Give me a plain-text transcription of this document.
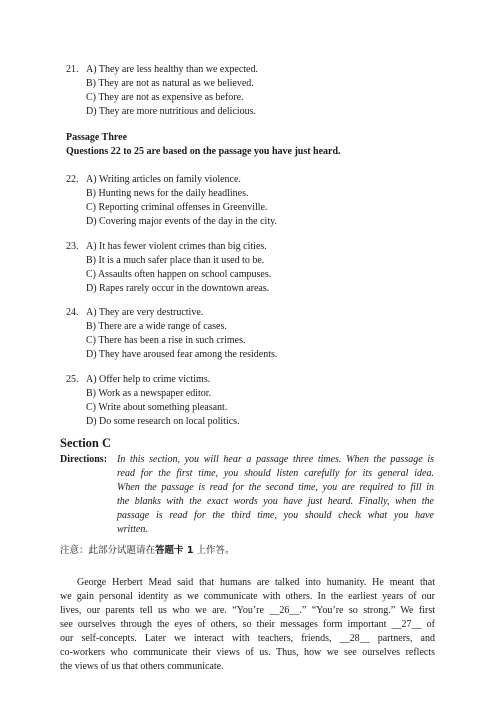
21. A) They are less healthy than we expected.
B) They are not as natural as we believed.
C) They are not as expensive as before.
D) They are more nutritious and delicious.
Passage Three
Questions 22 to 25 are based on the passage you have just heard.
22. A) Writing articles on family violence.
B) Hunting news for the daily headlines.
C) Reporting criminal offenses in Greenville.
D) Covering major events of the day in the city.
23. A) It has fewer violent crimes than big cities.
B) It is a much safer place than it used to be.
C) Assaults often happen on school campuses.
D) Rapes rarely occur in the downtown areas.
24. A) They are very destructive.
B) There are a wide range of cases.
C) There has been a rise in such crimes.
D) They have aroused fear among the residents.
25. A) Offer help to crime victims.
B) Work as a newspaper editor.
C) Write about something pleasant.
D) Do some research on local politics.
Section C
Directions: In this section, you will hear a passage three times. When the passage is
read for the first time, you should listen carefully for its general idea.
When the passage is read for the second time, you are required to fill in
the blanks with the exact words you have just heard. Finally, when the
passage is read for the third time, you should check what you have
written.
注意：此部分试题请在答题卡 1 上作答。
George Herbert Mead said that humans are talked into humanity. He meant that
we gain personal identity as we communicate with others. In the earliest years of our
lives, our parents tell us who we are. “You’re __26__.” “You’re so strong.” We first
see ourselves through the eyes of others, so their messages form important __27__ of
our self-concepts. Later we interact with teachers, friends, __28__ partners, and
co-workers who communicate their views of us. Thus, how we see ourselves reflects
the views of us that others communicate.
